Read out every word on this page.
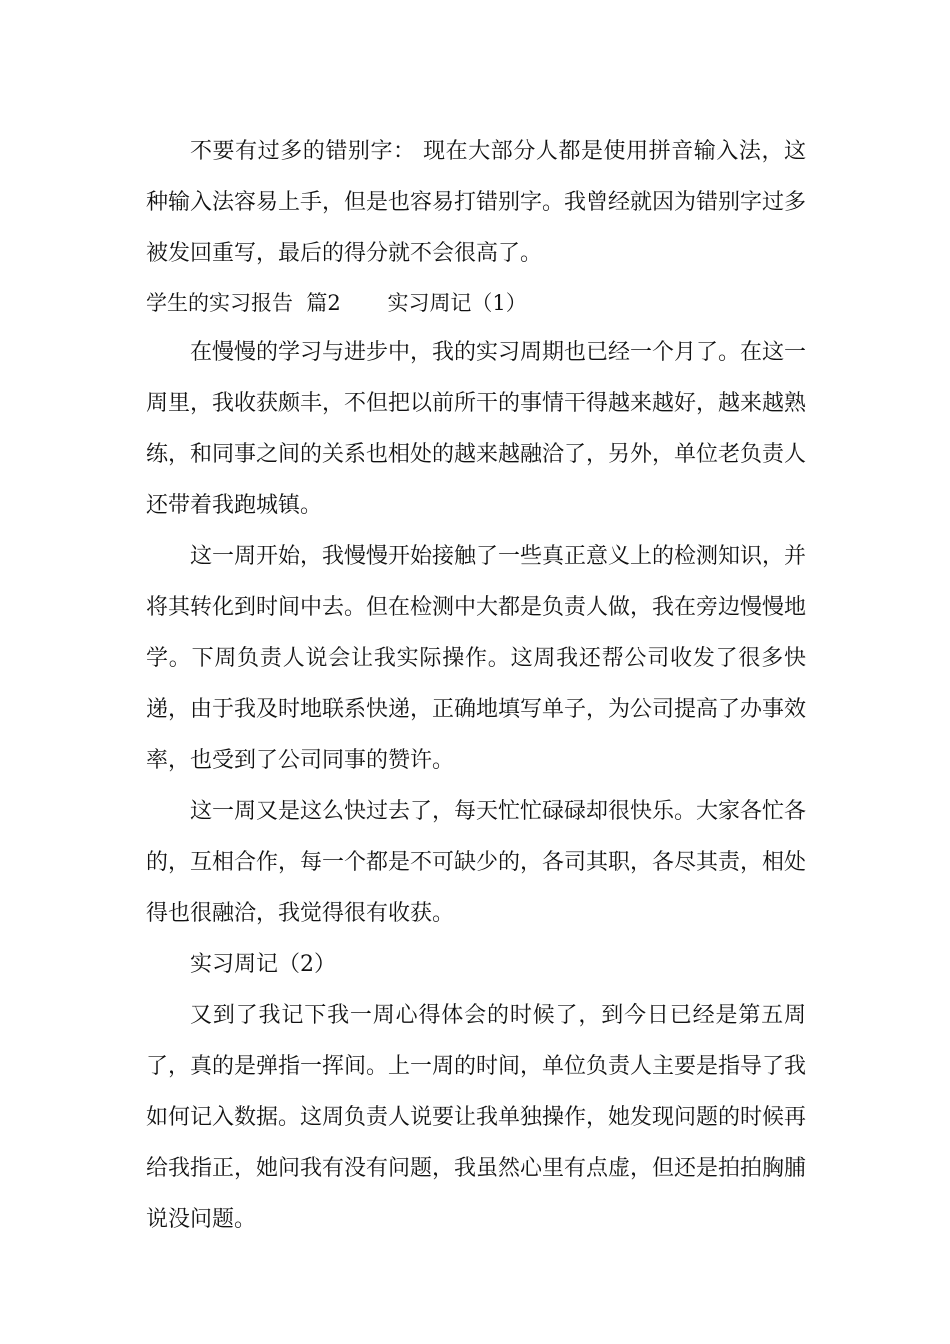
不要有过多的错别字： 现在大部分人都是使用拼音输入法，这种输入法容易上手，但是也容易打错别字。我曾经就因为错别字过多被发回重写，最后的得分就不会很高了。

学生的实习报告  篇2       实习周记（1）

在慢慢的学习与进步中，我的实习周期也已经一个月了。在这一周里，我收获颇丰，不但把以前所干的事情干得越来越好，越来越熟练，和同事之间的关系也相处的越来越融洽了，另外，单位老负责人还带着我跑城镇。

这一周开始，我慢慢开始接触了一些真正意义上的检测知识，并将其转化到时间中去。但在检测中大都是负责人做，我在旁边慢慢地学。下周负责人说会让我实际操作。这周我还帮公司收发了很多快递，由于我及时地联系快递，正确地填写单子，为公司提高了办事效率，也受到了公司同事的赞许。

这一周又是这么快过去了，每天忙忙碌碌却很快乐。大家各忙各的，互相合作，每一个都是不可缺少的，各司其职，各尽其责，相处得也很融洽，我觉得很有收获。

实习周记（2）

又到了我记下我一周心得体会的时候了，到今日已经是第五周了，真的是弹指一挥间。上一周的时间，单位负责人主要是指导了我如何记入数据。这周负责人说要让我单独操作，她发现问题的时候再给我指正，她问我有没有问题，我虽然心里有点虚，但还是拍拍胸脯说没问题。
